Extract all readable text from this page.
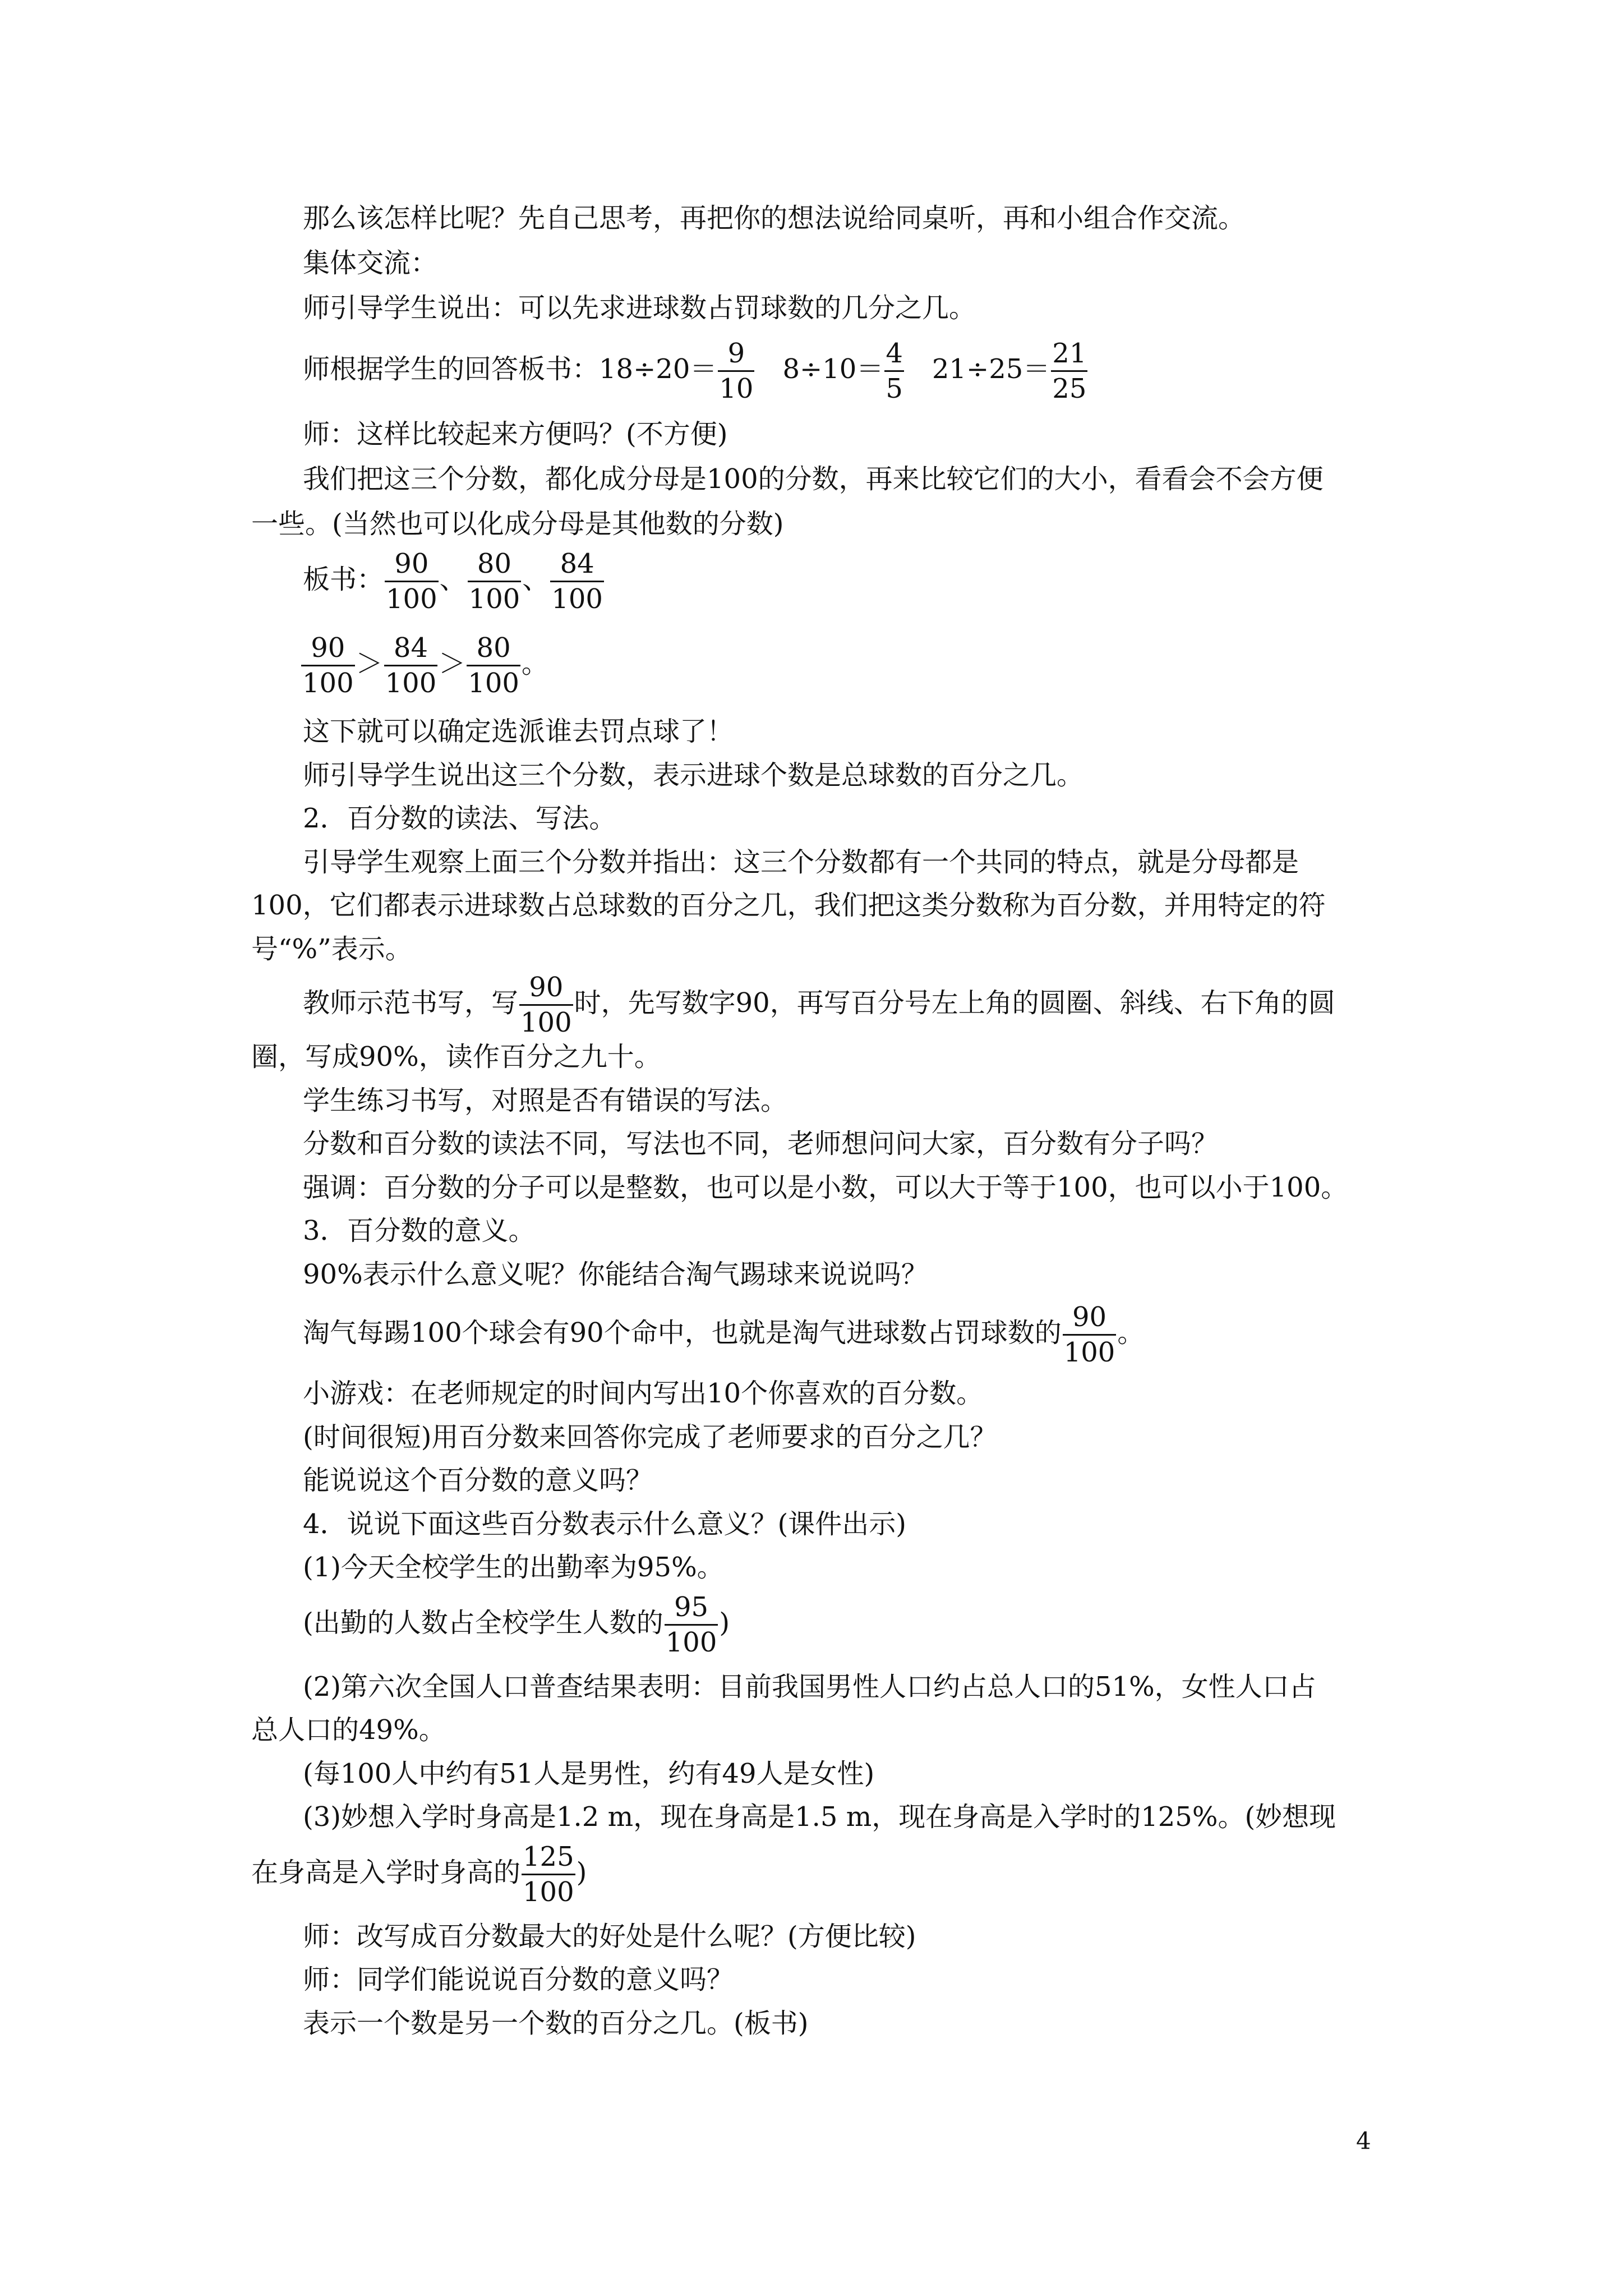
那么该怎样比呢？先自己思考，再把你的想法说给同桌听，再和小组合作交流。
集体交流：
师引导学生说出：可以先求进球数占罚球数的几分之几。
师根据学生的回答板书：$18\div 20= \frac{9}{10}$
　 $8\div 10= \frac{4}{5}$
　 $21\div 25= \frac{21}{25}$
师：这样比较起来方便吗？(不方便)
我们把这三个分数，都化成分母是100的分数，再来比较它们的大小，看看会不会方便
一些。(当然也可以化成分母是其他数的分数)
板书： $\frac{90}{100}$ 、 $\frac{80}{100}$ 、 $\frac{84}{100}$
$\frac{90}{100} > \frac{84}{100} > \frac{80}{100}$ 。
这下就可以确定选派谁去罚点球了！
师引导学生说出这三个分数，表示进球个数是总球数的百分之几。
2．百分数的读法、写法。
引导学生观察上面三个分数并指出：这三个分数都有一个共同的特点，就是分母都是
100，它们都表示进球数占总球数的百分之几，我们把这类分数称为百分数，并用特定的符
号“%”表示。
教师示范书写，写 $\frac{90}{100}$ 时，先写数字90，再写百分号左上角的圆圈、斜线、右下角的圆
圈，写成90%，读作百分之九十。
学生练习书写，对照是否有错误的写法。
分数和百分数的读法不同，写法也不同，老师想问问大家，百分数有分子吗？
强调：百分数的分子可以是整数，也可以是小数，可以大于等于100，也可以小于100。
3．百分数的意义。
90%表示什么意义呢？你能结合淘气踢球来说说吗？
淘气每踢100个球会有90个命中，也就是淘气进球数占罚球数的 $\frac{90}{100}$ 。
小游戏：在老师规定的时间内写出10个你喜欢的百分数。
(时间很短)用百分数来回答你完成了老师要求的百分之几？
能说说这个百分数的意义吗？
4．说说下面这些百分数表示什么意义？(课件出示)
(1)今天全校学生的出勤率为95%。
(出勤的人数占全校学生人数的 $\frac{95}{100}$ )
(2)第六次全国人口普查结果表明：目前我国男性人口约占总人口的51%，女性人口占
总人口的49%。
(每100人中约有51人是男性，约有49人是女性)
(3)妙想入学时身高是1.2 m，现在身高是1.5 m，现在身高是入学时的125%。(妙想现
在身高是入学时身高的 $\frac{125}{100}$ )
师：改写成百分数最大的好处是什么呢？(方便比较)
师：同学们能说说百分数的意义吗？
表示一个数是另一个数的百分之几。(板书)
4
